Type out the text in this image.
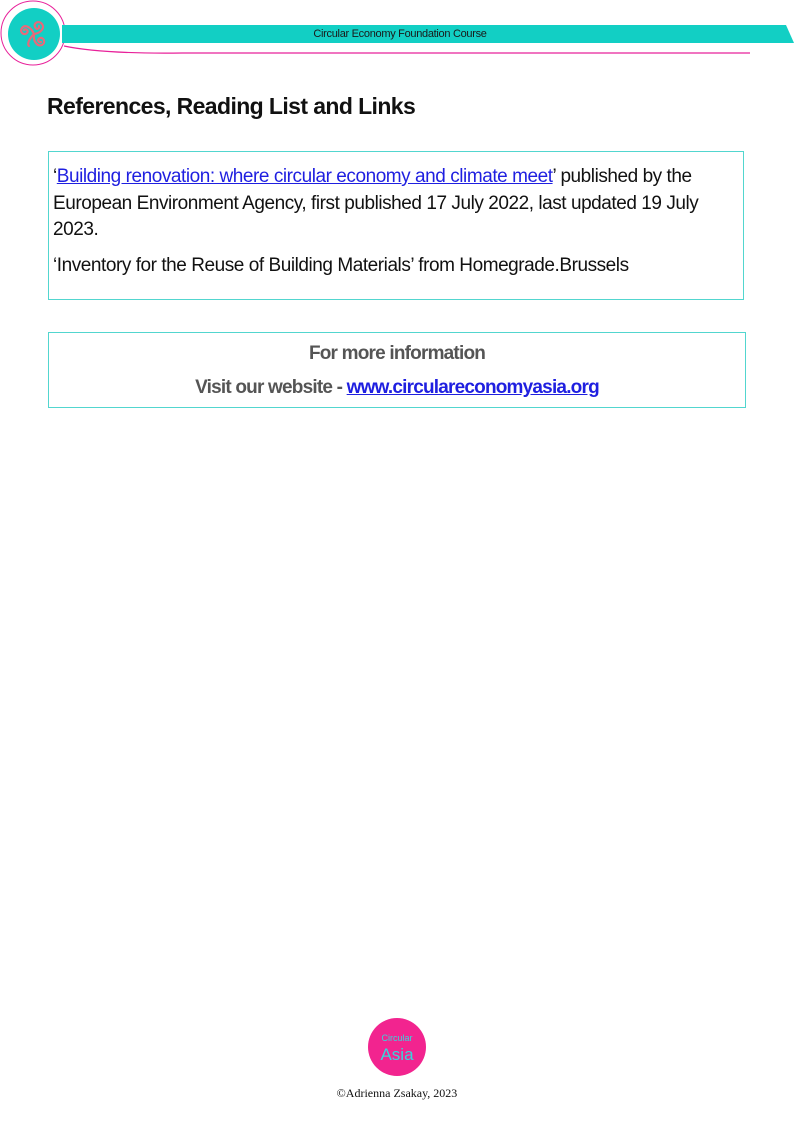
Circular Economy Foundation Course
References, Reading List and Links

‘Building renovation: where circular economy and climate meet’ published by the European Environment Agency, first published 17 July 2022, last updated 19 July 2023.

‘Inventory for the Reuse of Building Materials’ from Homegrade.Brussels

For more information

Visit our website - www.circulareconomyasia.org

Circular
Asia
©Adrienna Zsakay, 2023
